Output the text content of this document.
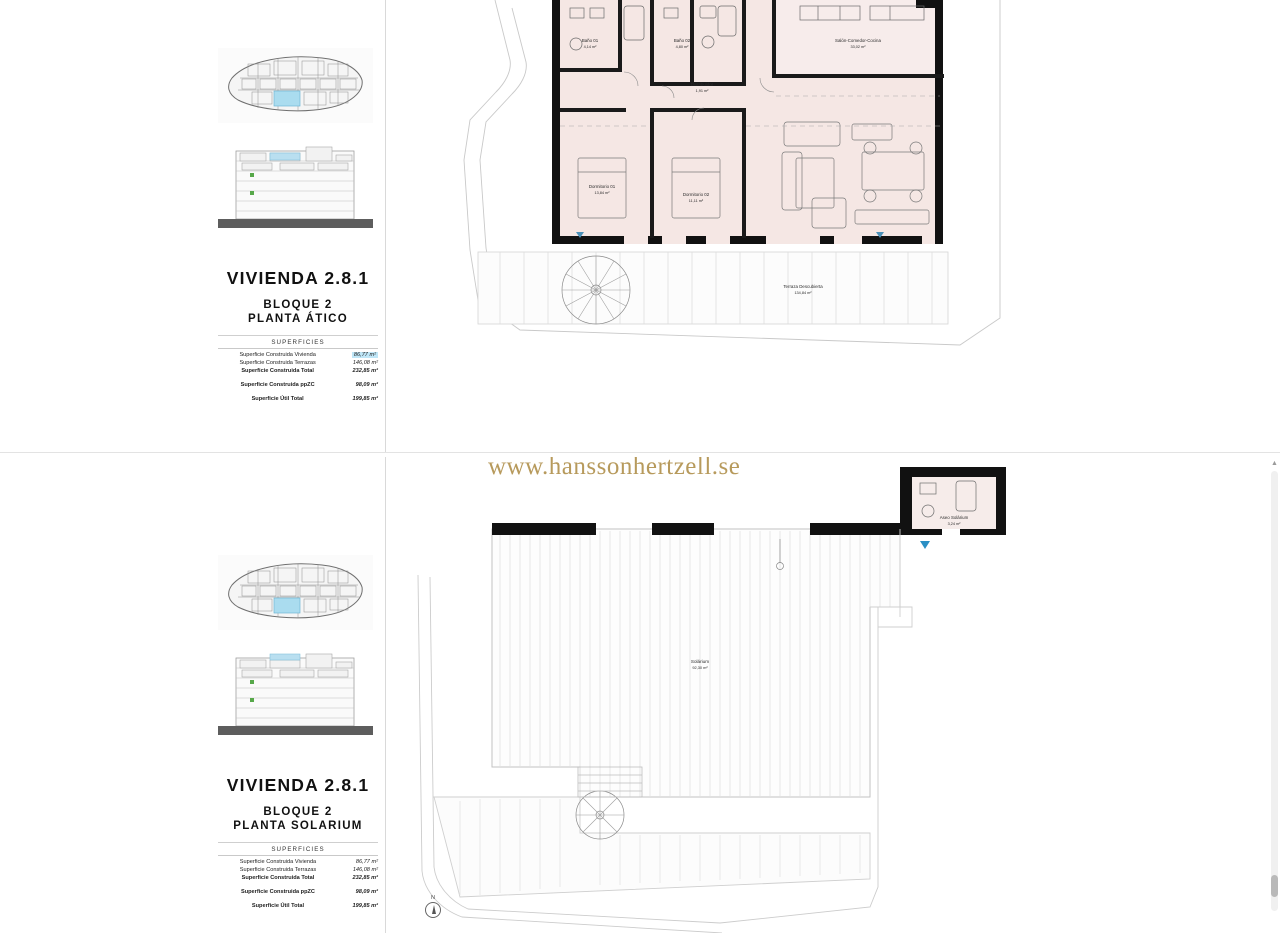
VIVIENDA 2.8.1
BLOQUE 2
PLANTA ÁTICO
SUPERFICIES
Superficie Construida Vivienda	86,77 m²
Superficie Construida Terrazas	146,08 m²
Superficie Construida Total	232,85 m²
Superficie Construida ppZC	98,09 m²
Superficie Útil Total	199,85 m²
Baño 01
4,14 m²
Baño 02
4,80 m²
Salón-Comedor-Cocina
33,02 m²
Distribuidor
1,91 m²
Dormitorio 01
13,84 m²	Dormitorio 02
11,11 m²
Terraza Descubierta
134,84 m²
VIVIENDA 2.8.1
BLOQUE 2
PLANTA SOLARIUM
SUPERFICIES
Superficie Construida Vivienda	86,77 m²
Superficie Construida Terrazas	146,08 m²
Superficie Construida Total	232,85 m²
Superficie Construida ppZC	98,09 m²
Superficie Útil Total	199,85 m²
www.hanssonhertzell.se
Aseo Solárium
3,24 m²
Solárium
92,30 m²
▲
N
